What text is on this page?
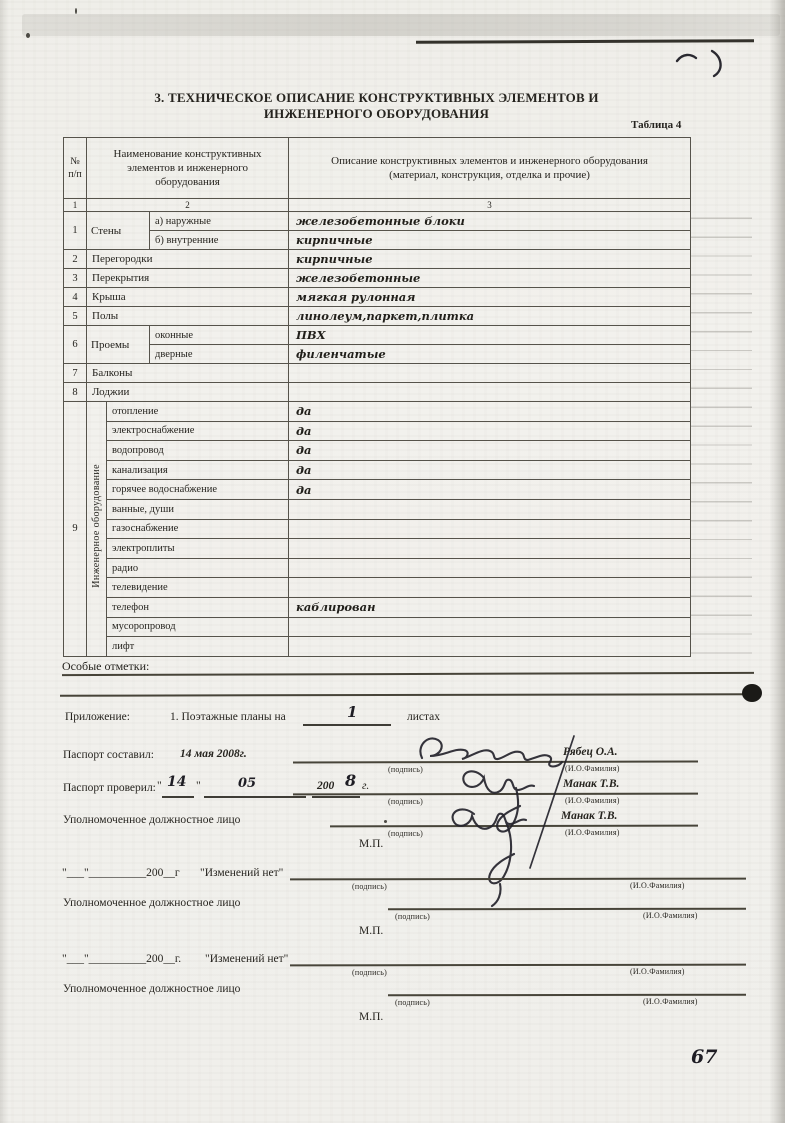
3. ТЕХНИЧЕСКОЕ ОПИСАНИЕ КОНСТРУКТИВНЫХ ЭЛЕМЕНТОВ И
ИНЖЕНЕРНОГО ОБОРУДОВАНИЯ
Таблица 4
№ п/п	Наименование конструктивных элементов и инженерного оборудования			Описание конструктивных элементов и инженерного оборудования (материал, конструкция, отделка и прочие)
1	2			3
1	Стены		а) наружные	железобетонные блоки
			б) внутренние	кирпичные
2	Перегородки			кирпичные
3	Перекрытия			железобетонные
4	Крыша			мягкая рулонная
5	Полы			линолеум,паркет,плитка
6	Проемы		оконные	ПВХ
			дверные	филенчатые
7	Балконы			
8	Лоджии			
9	Инженерное оборудование	отопление		да
		электроснабжение		да
		водопровод		да
		канализация		да
		горячее водоснабжение		да
		ванные, души		
		газоснабжение		
		электроплиты		
		радио		
		телевидение		
		телефон		каблирован
		мусоропровод		
		лифт		
Особые отметки:
Приложение:	1. Поэтажные планы на	1	листах
Паспорт составил: 14 мая 2008г.	Рябец О.А.
(подпись)	(И.О.Фамилия)
Паспорт проверил: " 14 "	05	200 8 г.	Манак Т.В.
(подпись)	(И.О.Фамилия)
Уполномоченное должностное лицо	Манак Т.В.
(подпись)	(И.О.Фамилия)
М.П.
"___"__________200__г "Изменений нет"
(подпись)	(И.О.Фамилия)
Уполномоченное должностное лицо
(подпись)	(И.О.Фамилия)
М.П.
"___"__________200__г. "Изменений нет"
(подпись)	(И.О.Фамилия)
Уполномоченное должностное лицо
(подпись)	(И.О.Фамилия)
М.П.
67
